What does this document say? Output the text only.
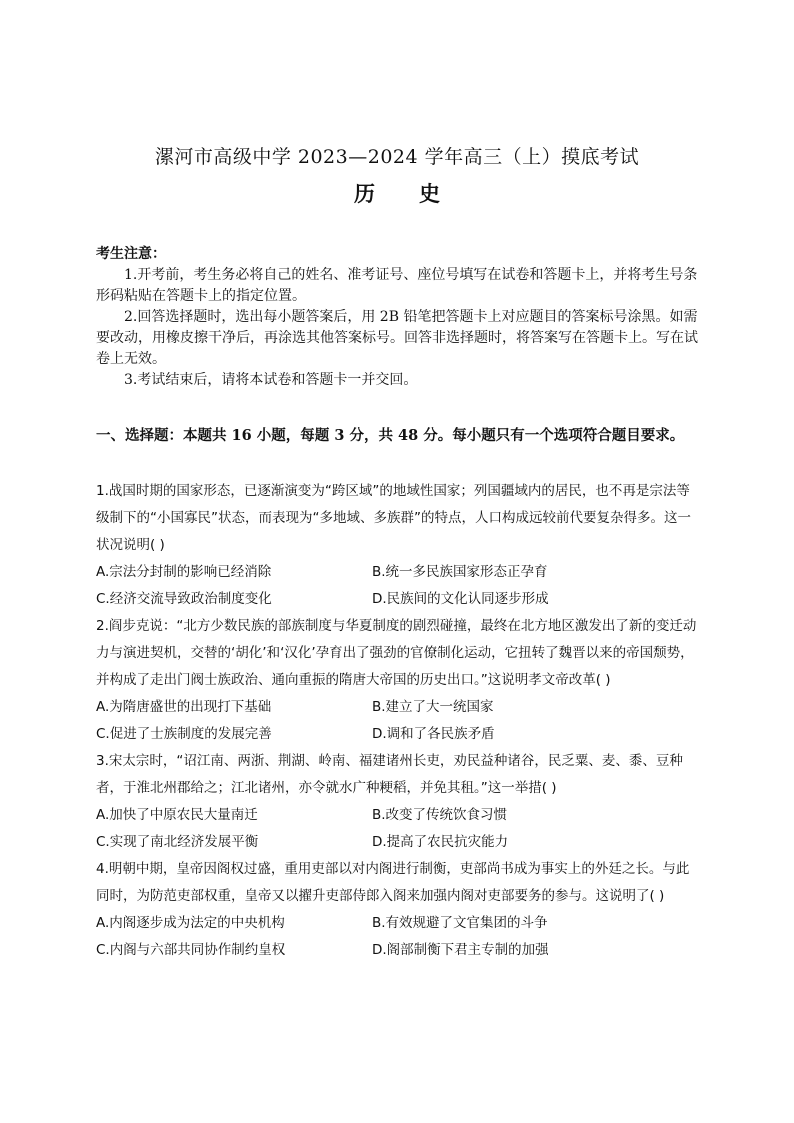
漯河市高级中学 2023—2024 学年高三（上）摸底考试
历史

考生注意：

1.开考前，考生务必将自己的姓名、准考证号、座位号填写在试卷和答题卡上，并将考生号条形码粘贴在答题卡上的指定位置。

2.回答选择题时，选出每小题答案后，用 2B 铅笔把答题卡上对应题目的答案标号涂黑。如需要改动，用橡皮擦干净后，再涂选其他答案标号。回答非选择题时，将答案写在答题卡上。写在试卷上无效。

3.考试结束后，请将本试卷和答题卡一并交回。

一、选择题：本题共 16 小题，每题 3 分，共 48 分。每小题只有一个选项符合题目要求。

1.战国时期的国家形态，已逐渐演变为“跨区域”的地域性国家；列国疆域内的居民，也不再是宗法等级制下的“小国寡民”状态，而表现为“多地域、多族群”的特点，人口构成远较前代要复杂得多。这一状况说明( )

A.宗法分封制的影响已经消除	B.统一多民族国家形态正孕育
C.经济交流导致政治制度变化	D.民族间的文化认同逐步形成

2.阎步克说：“北方少数民族的部族制度与华夏制度的剧烈碰撞，最终在北方地区激发出了新的变迁动力与演进契机，交替的‘胡化’和‘汉化’孕育出了强劲的官僚制化运动，它扭转了魏晋以来的帝国颓势，并构成了走出门阀士族政治、通向重振的隋唐大帝国的历史出口。”这说明孝文帝改革( )

A.为隋唐盛世的出现打下基础	B.建立了大一统国家
C.促进了士族制度的发展完善	D.调和了各民族矛盾

3.宋太宗时，“诏江南、两浙、荆湖、岭南、福建诸州长吏，劝民益种诸谷，民乏粟、麦、黍、豆种者，于淮北州郡给之；江北诸州，亦令就水广种粳稻，并免其租。”这一举措( )

A.加快了中原农民大量南迁	B.改变了传统饮食习惯
C.实现了南北经济发展平衡	D.提高了农民抗灾能力

4.明朝中期，皇帝因阁权过盛，重用吏部以对内阁进行制衡，吏部尚书成为事实上的外廷之长。与此同时，为防范吏部权重，皇帝又以擢升吏部侍郎入阁来加强内阁对吏部要务的参与。这说明了( )

A.内阁逐步成为法定的中央机构	B.有效规避了文官集团的斗争
C.内阁与六部共同协作制约皇权	D.阁部制衡下君主专制的加强
